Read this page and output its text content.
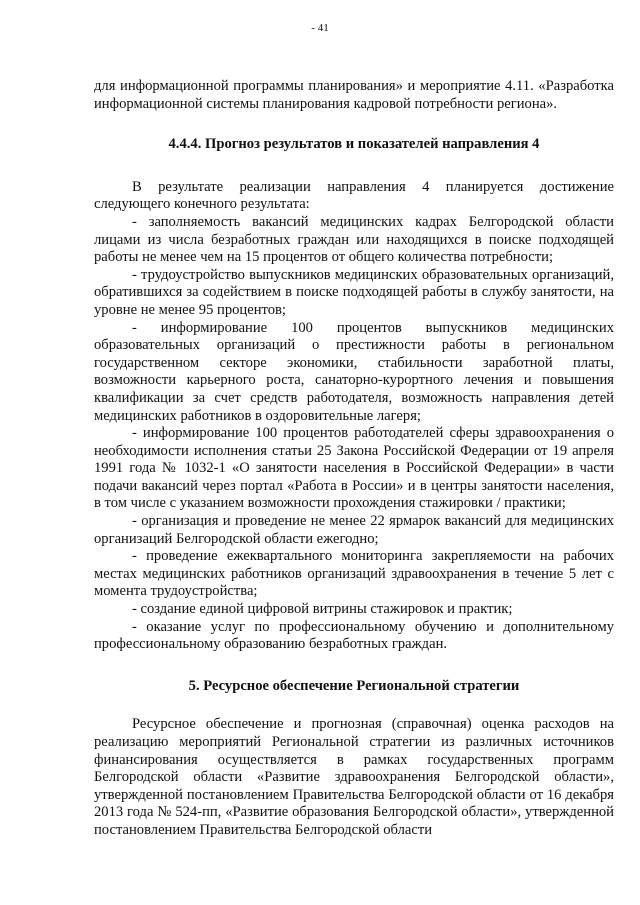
- 41

для информационной программы планирования» и мероприятие 4.11. «Разработка информационной системы планирования кадровой потребности региона».

4.4.4. Прогноз результатов и показателей направления 4

В результате реализации направления 4 планируется достижение следующего конечного результата:

- заполняемость вакансий медицинских кадрах Белгородской области лицами из числа безработных граждан или находящихся в поиске подходящей работы не менее чем на 15 процентов от общего количества потребности;

- трудоустройство выпускников медицинских образовательных организаций, обратившихся за содействием в поиске подходящей работы в службу занятости, на уровне не менее 95 процентов;

- информирование 100 процентов выпускников медицинских образовательных организаций о престижности работы в региональном государственном секторе экономики, стабильности заработной платы, возможности карьерного роста, санаторно-курортного лечения и повышения квалификации за счет средств работодателя, возможность направления детей медицинских работников в оздоровительные лагеря;

- информирование 100 процентов работодателей сферы здравоохранения о необходимости исполнения статьи 25 Закона Российской Федерации от 19 апреля 1991 года № 1032-1 «О занятости населения в Российской Федерации» в части подачи вакансий через портал «Работа в России» и в центры занятости населения, в том числе с указанием возможности прохождения стажировки / практики;

- организация и проведение не менее 22 ярмарок вакансий для медицинских организаций Белгородской области ежегодно;

- проведение ежеквартального мониторинга закрепляемости на рабочих местах медицинских работников организаций здравоохранения в течение 5 лет с момента трудоустройства;

- создание единой цифровой витрины стажировок и практик;

- оказание услуг по профессиональному обучению и дополнительному профессиональному образованию безработных граждан.

5. Ресурсное обеспечение Региональной стратегии

Ресурсное обеспечение и прогнозная (справочная) оценка расходов на реализацию мероприятий Региональной стратегии из различных источников финансирования осуществляется в рамках государственных программ Белгородской области «Развитие здравоохранения Белгородской области», утвержденной постановлением Правительства Белгородской области от 16 декабря 2013 года № 524-пп, «Развитие образования Белгородской области», утвержденной постановлением Правительства Белгородской области
